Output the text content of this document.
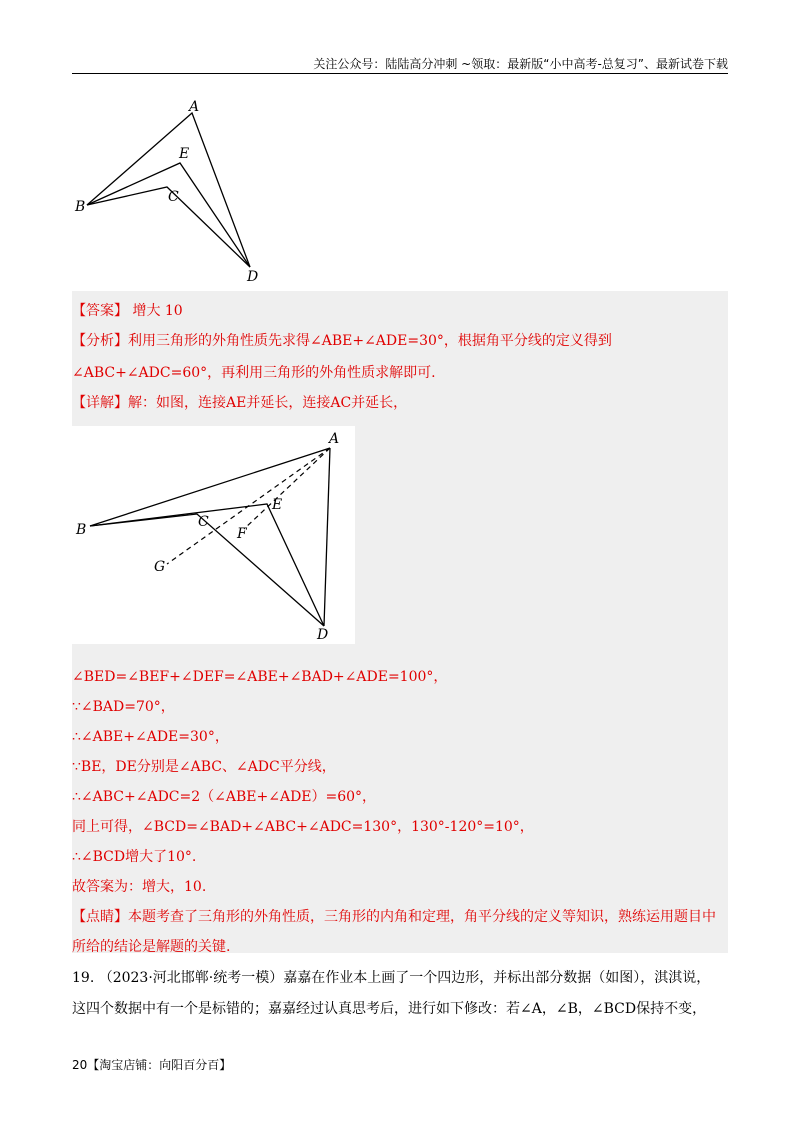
关注公众号：陆陆高分冲刺 ~领取：最新版“小中高考-总复习”、最新试卷下载
A
E
C
B
D
【答案】 增大 10
【分析】利用三角形的外角性质先求得∠ABE+∠ADE=30°，根据角平分线的定义得到
∠ABC+∠ADC=60°，再利用三角形的外角性质求解即可.
【详解】解：如图，连接AE并延长，连接AC并延长，
A
B	C
E
F
G
D
∠BED=∠BEF+∠DEF=∠ABE+∠BAD+∠ADE=100°，
∵∠BAD=70°，
∴∠ABE+∠ADE=30°，
∵BE，DE分别是∠ABC、∠ADC平分线，
∴∠ABC+∠ADC=2（∠ABE+∠ADE）=60°，
同上可得，∠BCD=∠BAD+∠ABC+∠ADC=130°，130°-120°=10°，
∴∠BCD增大了10°.
故答案为：增大，10.
【点睛】本题考查了三角形的外角性质，三角形的内角和定理，角平分线的定义等知识，熟练运用题目中
所给的结论是解题的关键.
19. （2023·河北邯郸·统考一模）嘉嘉在作业本上画了一个四边形，并标出部分数据（如图），淇淇说，
这四个数据中有一个是标错的；嘉嘉经过认真思考后，进行如下修改：若∠A，∠B，∠BCD保持不变，
20【淘宝店铺：向阳百分百】
